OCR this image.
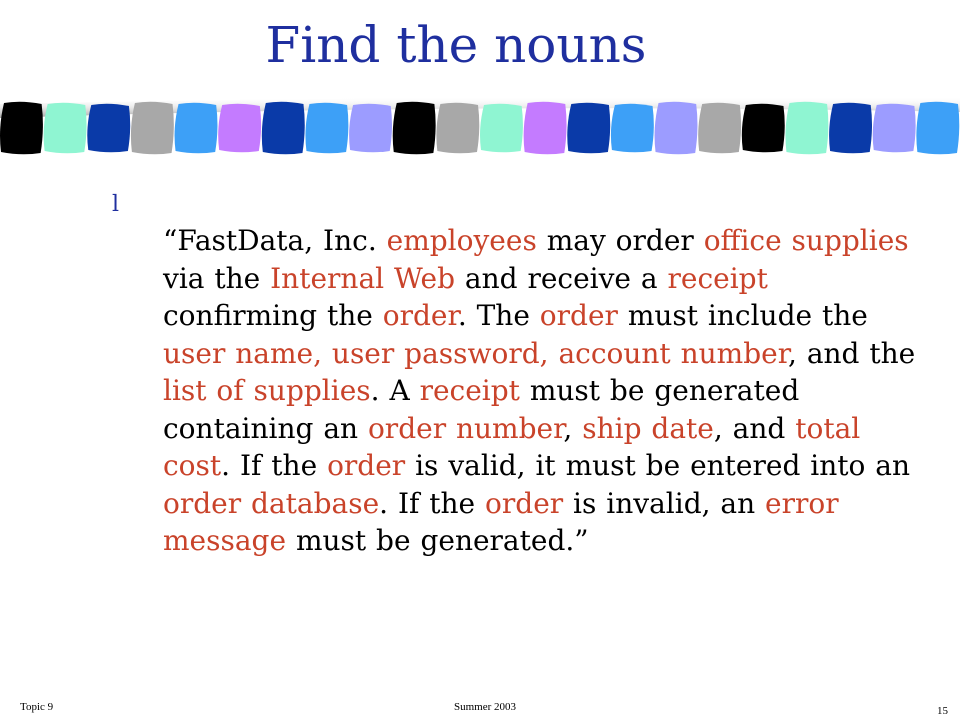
Find the nouns
l
“FastData, Inc. employees may order office supplies via the Internal Web and receive a receipt confirming the order. The order must include the user name, user password, account number, and the list of supplies. A receipt must be generated containing an order number, ship date, and total cost. If the order is valid, it must be entered into an order database. If the order is invalid, an error message must be generated.”
Topic 9	Summer 2003	15
